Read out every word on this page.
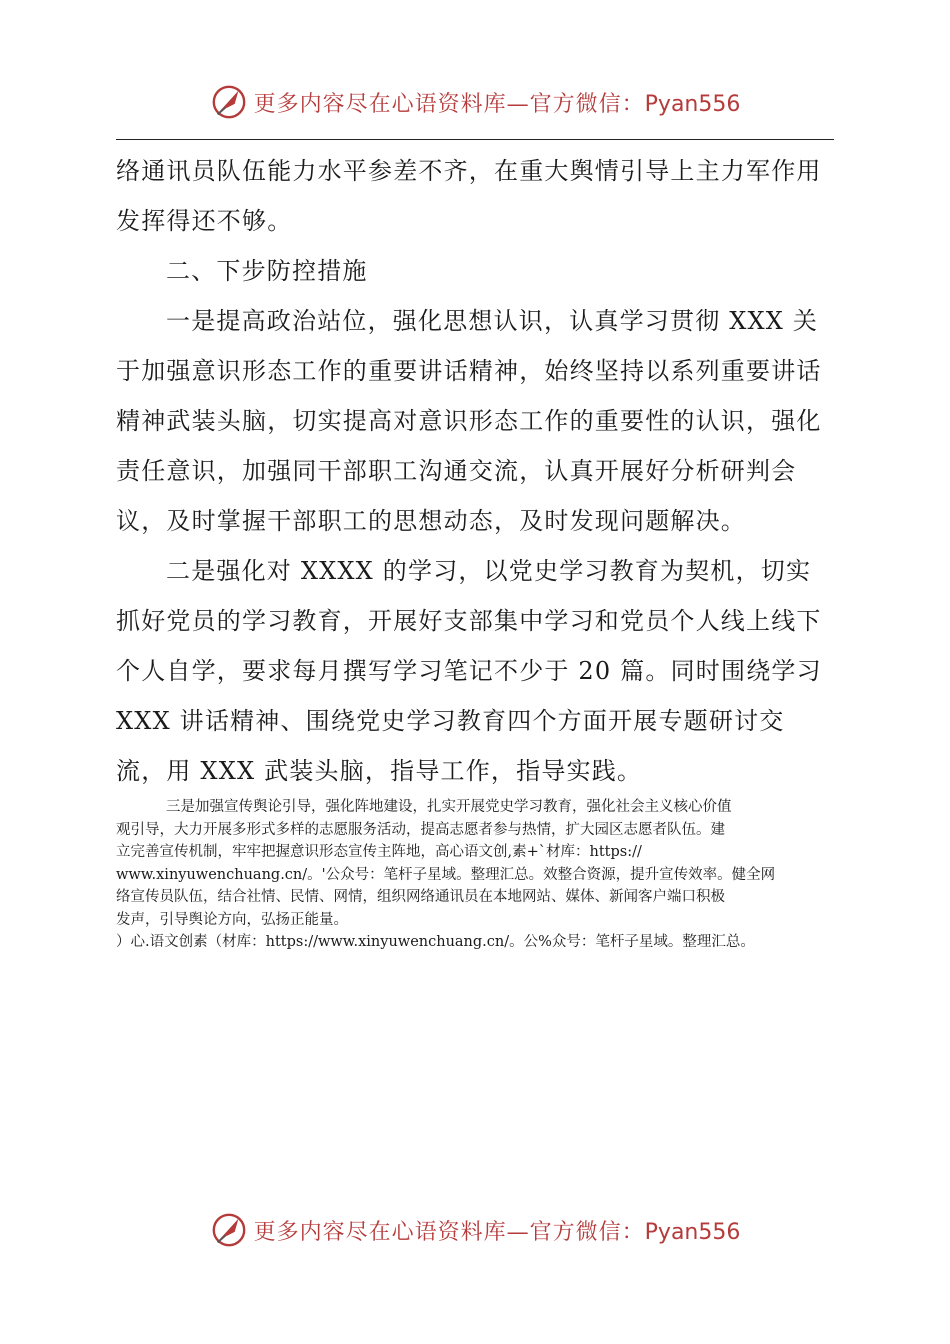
更多内容尽在心语资料库—官方微信：Pyan556

络通讯员队伍能力水平参差不齐，在重大舆情引导上主力军作用
发挥得还不够。

二、下步防控措施

一是提高政治站位，强化思想认识，认真学习贯彻 XXX 关
于加强意识形态工作的重要讲话精神，始终坚持以系列重要讲话
精神武装头脑，切实提高对意识形态工作的重要性的认识，强化
责任意识，加强同干部职工沟通交流，认真开展好分析研判会
议，及时掌握干部职工的思想动态，及时发现问题解决。

二是强化对 XXXX 的学习，以党史学习教育为契机，切实
抓好党员的学习教育，开展好支部集中学习和党员个人线上线下
个人自学，要求每月撰写学习笔记不少于 20 篇。同时围绕学习
XXX 讲话精神、围绕党史学习教育四个方面开展专题研讨交
流，用 XXX 武装头脑，指导工作，指导实践。

三是加强宣传舆论引导，强化阵地建设，扎实开展党史学习教育，强化社会主义核心价值
观引导，大力开展多形式多样的志愿服务活动，提高志愿者参与热情，扩大园区志愿者队伍。建
立完善宣传机制，牢牢把握意识形态宣传主阵地，高心语文创,素+`材库：https://
www.xinyuwenchuang.cn/。'公众号：笔杆子星域。整理汇总。效整合资源，提升宣传效率。健全网
络宣传员队伍，结合社情、民情、网情，组织网络通讯员在本地网站、媒体、新闻客户端口积极
发声，引导舆论方向，弘扬正能量。

）心.语文创素（材库：https://www.xinyuwenchuang.cn/。公%众号：笔杆子星域。整理汇总。

更多内容尽在心语资料库—官方微信：Pyan556
